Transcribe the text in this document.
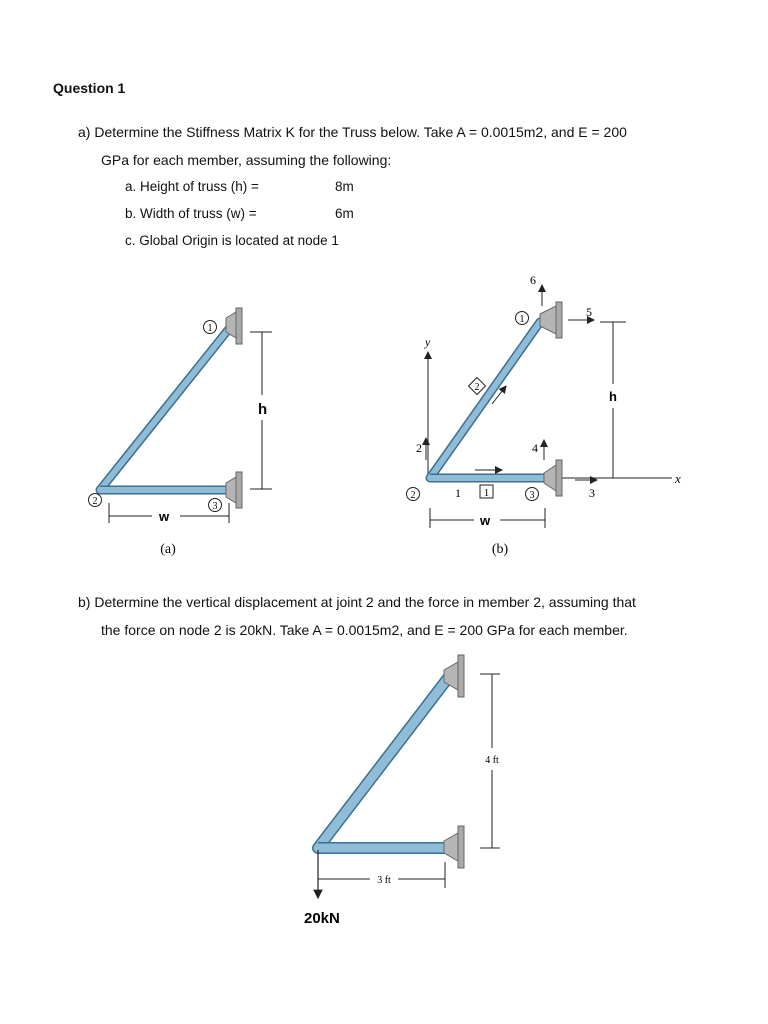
Question 1
a) Determine the Stiffness Matrix K for the Truss below. Take A = 0.0015m2, and E = 200
GPa for each member, assuming the following:
a. Height of truss (h) =	8m
b. Width of truss (w) =	6m
c. Global Origin is located at node 1
b) Determine the vertical displacement at joint 2 and the force in member 2, assuming that
the force on node 2 is 20kN. Take A = 0.0015m2, and E = 200 GPa for each member.
1
2	3
h
w
(a)
y
x
1
2	3
1
2
1
2
3
4
5
6
h
w
(b)
4 ft
3 ft
20kN
